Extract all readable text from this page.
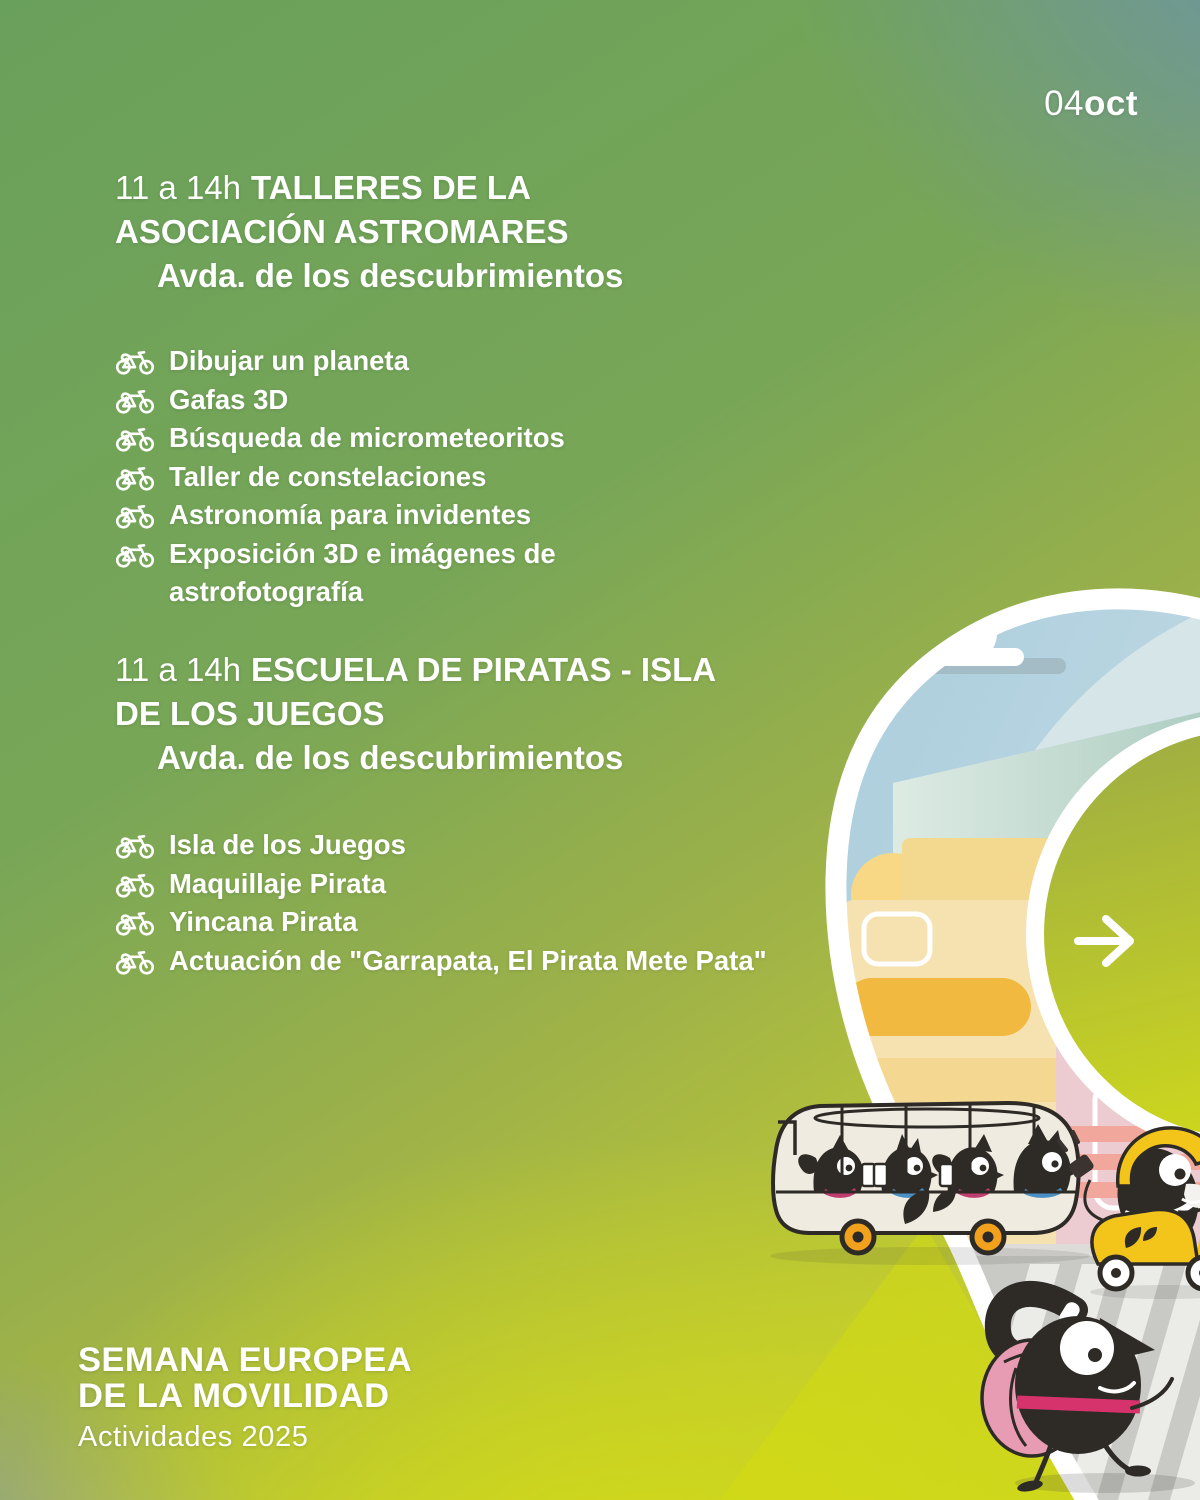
04oct
11 a 14h TALLERES DE LA ASOCIACIÓN ASTROMARES
Avda. de los descubrimientos
Dibujar un planeta
Gafas 3D
Búsqueda de micrometeoritos
Taller de constelaciones
Astronomía para invidentes
Exposición 3D e imágenes de astrofotografía
11 a 14h ESCUELA DE PIRATAS - ISLA DE LOS JUEGOS
Avda. de los descubrimientos
Isla de los Juegos
Maquillaje Pirata
Yincana Pirata
Actuación de "Garrapata, El Pirata Mete Pata"
SEMANA EUROPEA
DE LA MOVILIDAD
Actividades 2025
